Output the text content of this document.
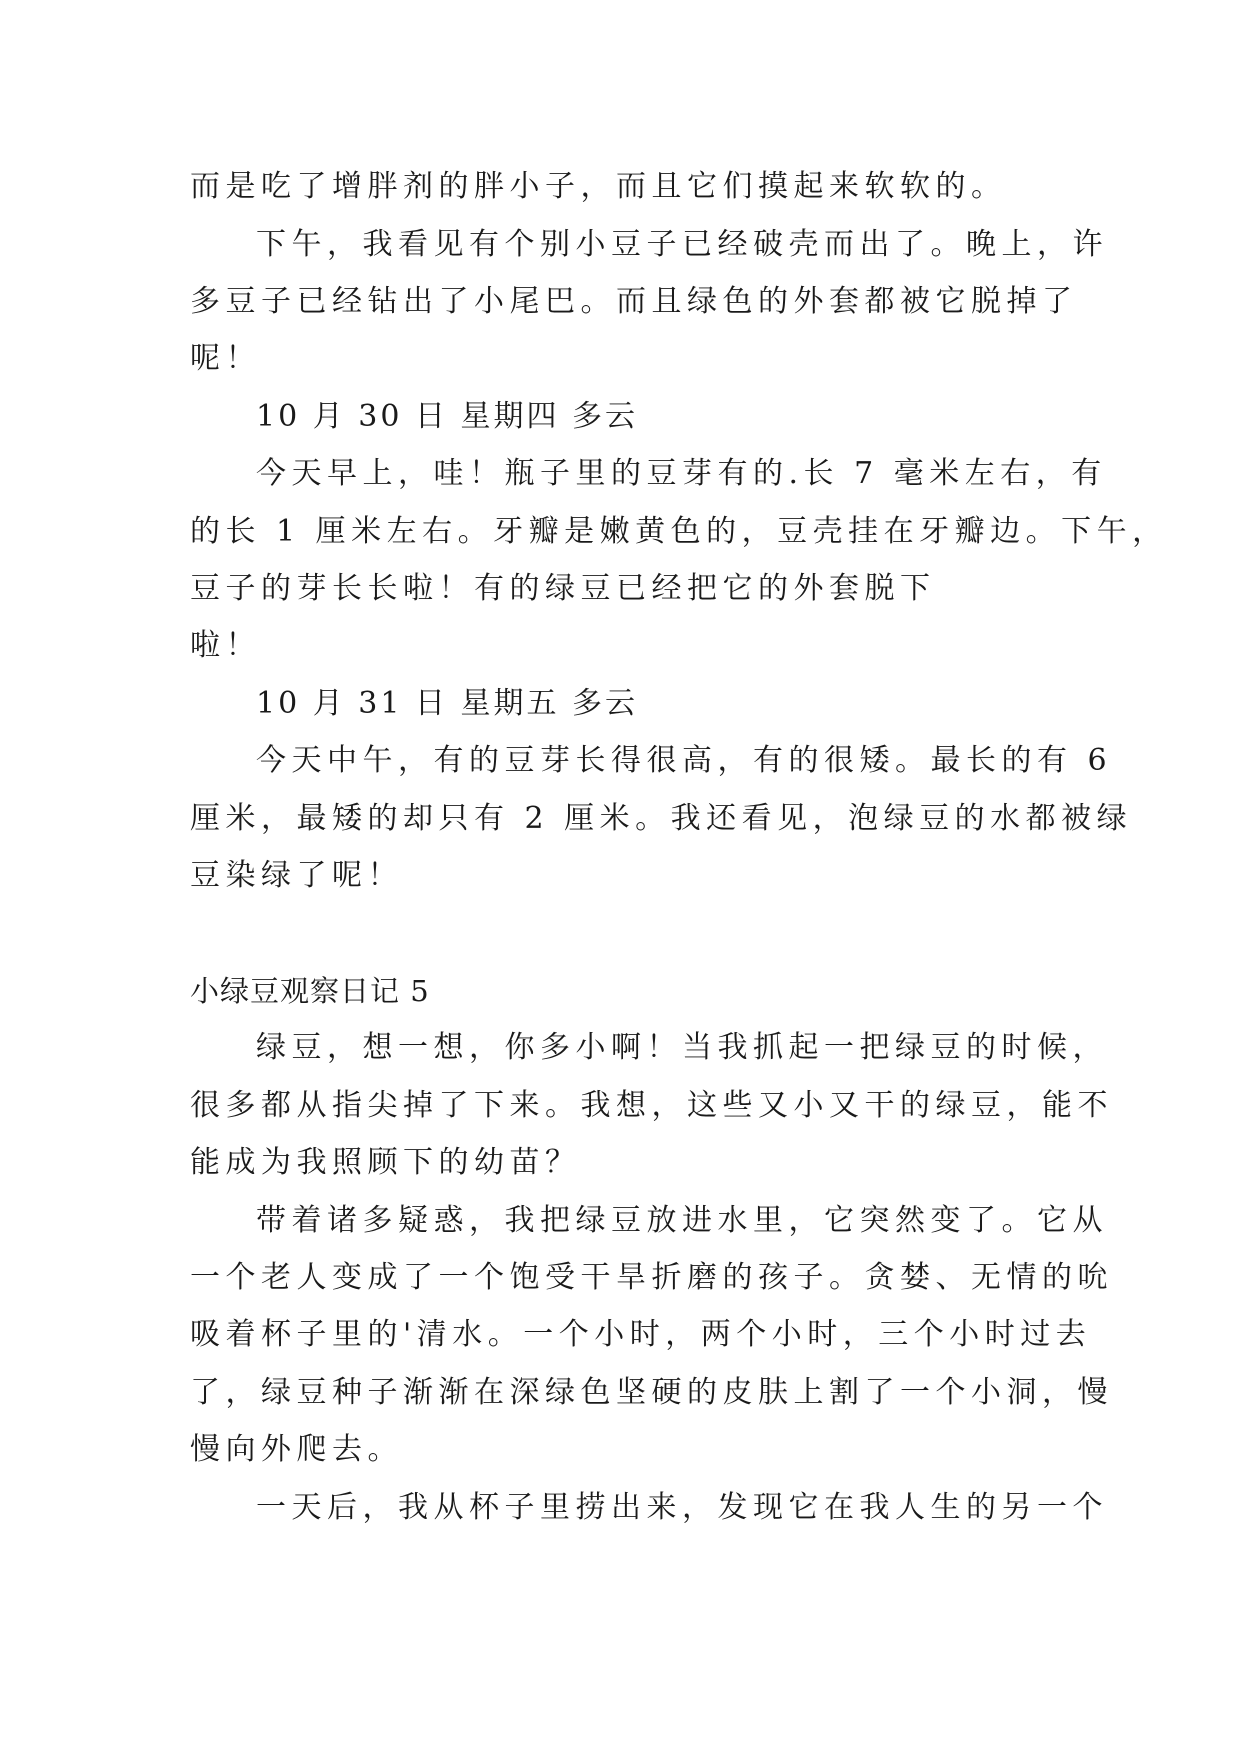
而是吃了增胖剂的胖小子，而且它们摸起来软软的。
下午，我看见有个别小豆子已经破壳而出了。晚上，许
多豆子已经钻出了小尾巴。而且绿色的外套都被它脱掉了
呢！
10 月 30 日 星期四 多云
今天早上，哇！瓶子里的豆芽有的.长 7 毫米左右，有
的长 1 厘米左右。牙瓣是嫩黄色的，豆壳挂在牙瓣边。下午，
豆子的芽长长啦！有的绿豆已经把它的外套脱下
啦！
10 月 31 日 星期五 多云
今天中午，有的豆芽长得很高，有的很矮。最长的有 6
厘米，最矮的却只有 2 厘米。我还看见，泡绿豆的水都被绿
豆染绿了呢！
小绿豆观察日记 5
绿豆，想一想，你多小啊！当我抓起一把绿豆的时候，
很多都从指尖掉了下来。我想，这些又小又干的绿豆，能不
能成为我照顾下的幼苗？
带着诸多疑惑，我把绿豆放进水里，它突然变了。它从
一个老人变成了一个饱受干旱折磨的孩子。贪婪、无情的吮
吸着杯子里的'清水。一个小时，两个小时，三个小时过去
了，绿豆种子渐渐在深绿色坚硬的皮肤上割了一个小洞，慢
慢向外爬去。
一天后，我从杯子里捞出来，发现它在我人生的另一个
